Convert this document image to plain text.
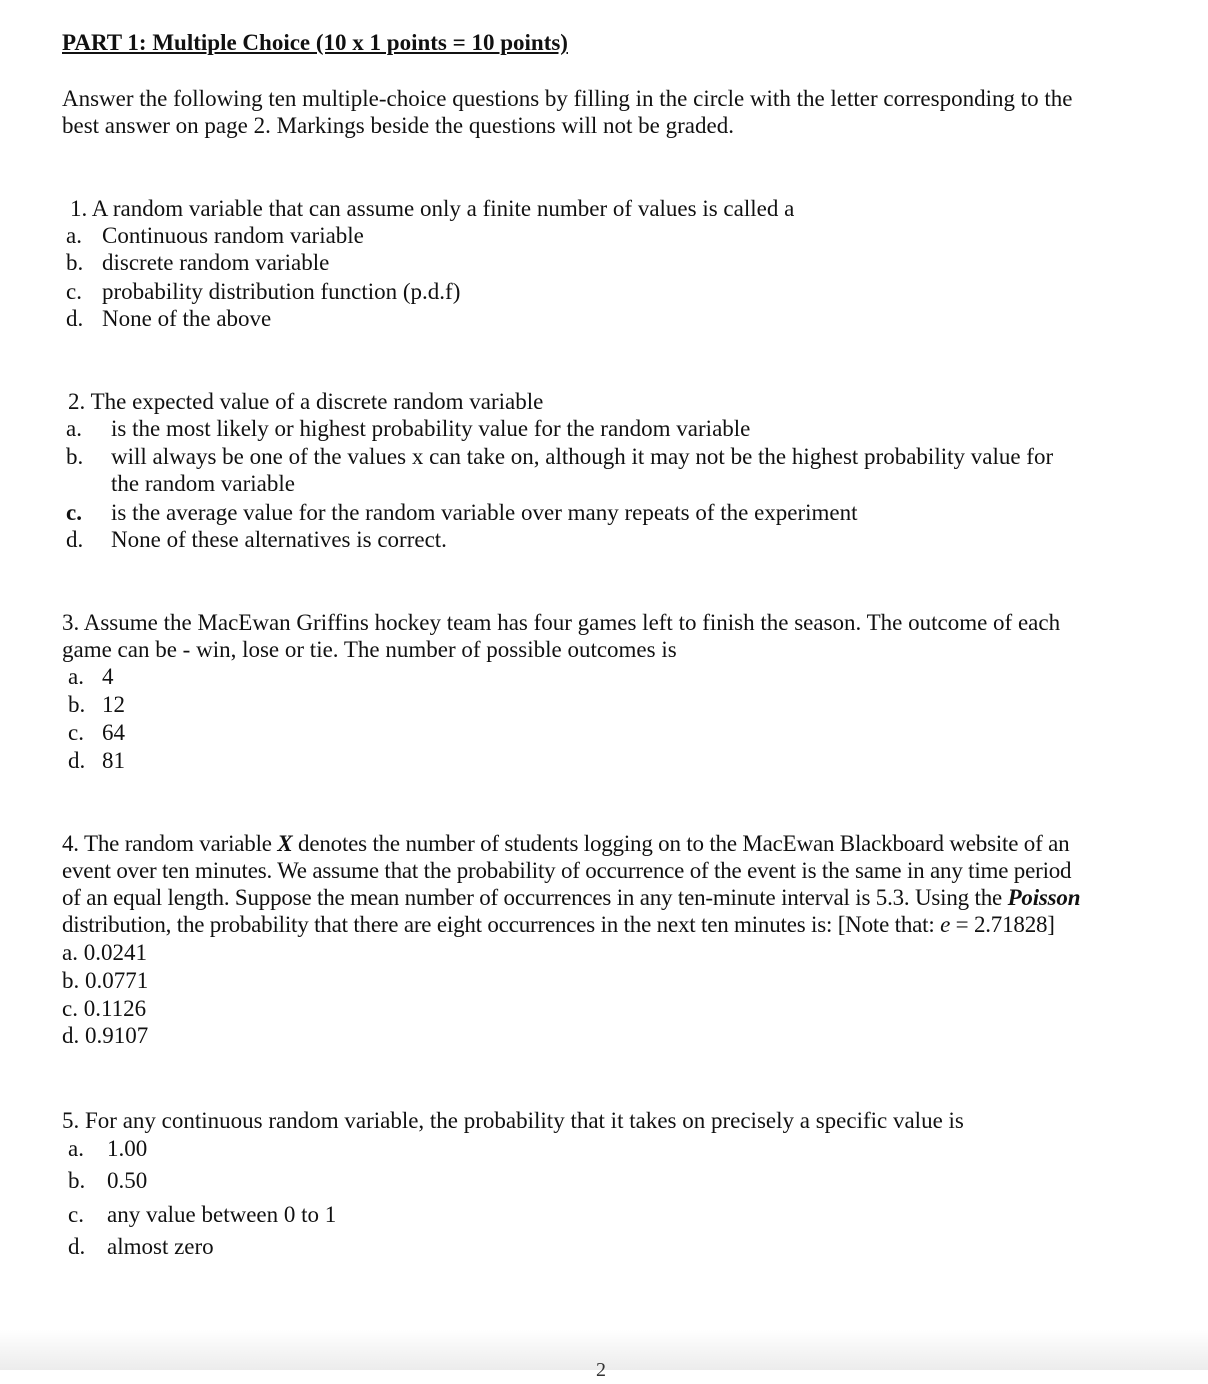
PART 1: Multiple Choice (10 x 1 points = 10 points)
Answer the following ten multiple-choice questions by filling in the circle with the letter corresponding to the
best answer on page 2. Markings beside the questions will not be graded.
1. A random variable that can assume only a finite number of values is called a
a. Continuous random variable
b. discrete random variable
c. probability distribution function (p.d.f)
d. None of the above
2. The expected value of a discrete random variable
a. is the most likely or highest probability value for the random variable
b. will always be one of the values x can take on, although it may not be the highest probability value for
the random variable
c. is the average value for the random variable over many repeats of the experiment
d. None of these alternatives is correct.
3. Assume the MacEwan Griffins hockey team has four games left to finish the season. The outcome of each
game can be - win, lose or tie. The number of possible outcomes is
a. 4
b. 12
c. 64
d. 81
4. The random variable X denotes the number of students logging on to the MacEwan Blackboard website of an
event over ten minutes. We assume that the probability of occurrence of the event is the same in any time period
of an equal length. Suppose the mean number of occurrences in any ten-minute interval is 5.3. Using the Poisson
distribution, the probability that there are eight occurrences in the next ten minutes is: [Note that: e = 2.71828]
a. 0.0241
b. 0.0771
c. 0.1126
d. 0.9107
5. For any continuous random variable, the probability that it takes on precisely a specific value is
a. 1.00
b. 0.50
c. any value between 0 to 1
d. almost zero
2
